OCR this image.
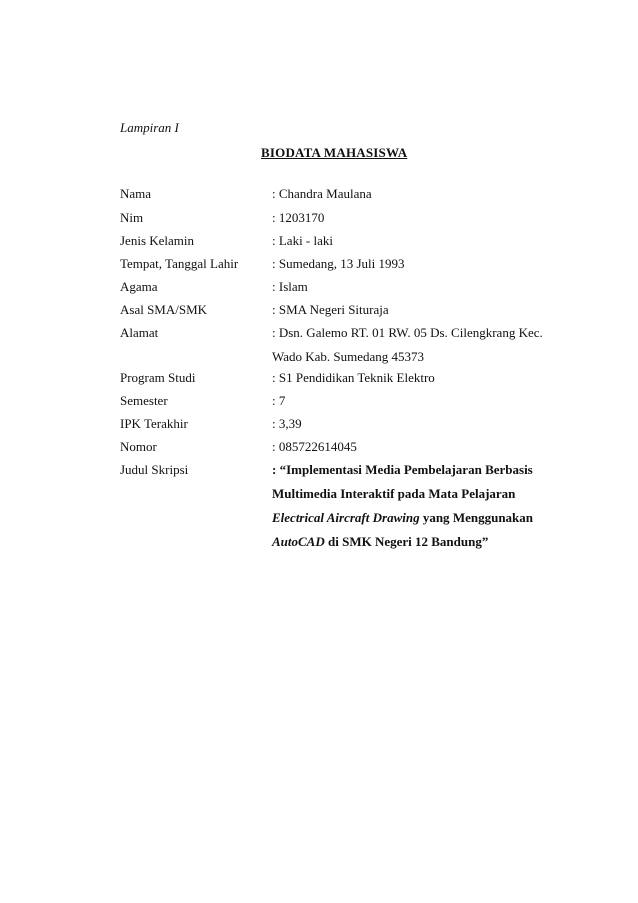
Lampiran I
BIODATA MAHASISWA
Nama	: Chandra Maulana
Nim	: 1203170
Jenis Kelamin	: Laki - laki
Tempat, Tanggal Lahir	: Sumedang, 13 Juli 1993
Agama	: Islam
Asal SMA/SMK	: SMA Negeri Situraja
Alamat	: Dsn. Galemo RT. 01 RW. 05 Ds. Cilengkrang Kec.
Wado Kab. Sumedang 45373
Program Studi	: S1 Pendidikan Teknik Elektro
Semester	: 7
IPK Terakhir	: 3,39
Nomor	: 085722614045
Judul Skripsi	: “Implementasi Media Pembelajaran Berbasis
Multimedia Interaktif pada Mata Pelajaran
Electrical Aircraft Drawing yang Menggunakan
AutoCAD di SMK Negeri 12 Bandung”
